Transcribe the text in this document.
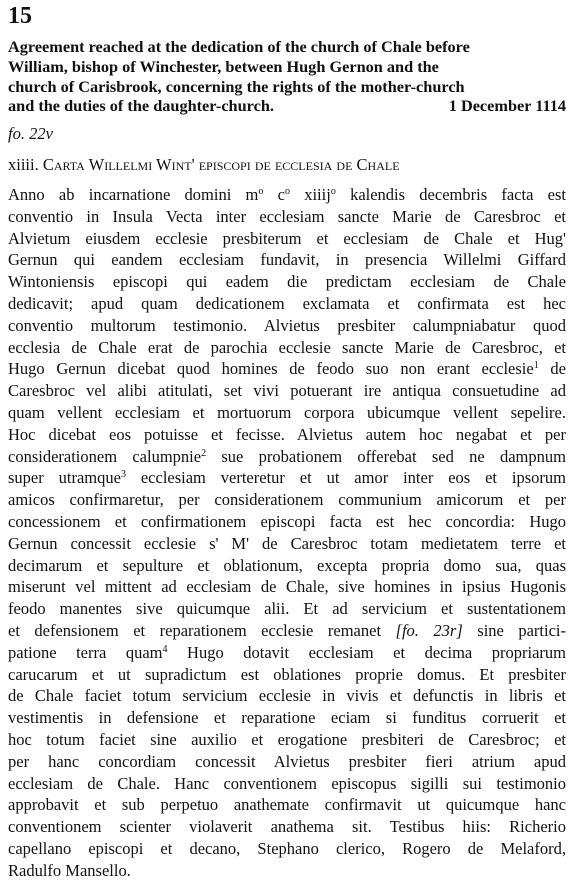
15
Agreement reached at the dedication of the church of Chale before
William, bishop of Winchester, between Hugh Gernon and the
church of Carisbrook, concerning the rights of the mother-church
and the duties of the daughter-church.	1 December 1114
fo. 22v
xiiii. Carta Willelmi Wint' episcopi de ecclesia de Chale
Anno ab incarnatione domini $m^o$ $c^o$ xiiij$^o$ kalendis decembris facta est
conventio in Insula Vecta inter ecclesiam sancte Marie de Caresbroc et
Alvietum eiusdem ecclesie presbiterum et ecclesiam de Chale et Hug'
Gernun qui eandem ecclesiam fundavit, in presencia Willelmi Giffard
Wintoniensis episcopi qui eadem die predictam ecclesiam de Chale
dedicavit; apud quam dedicationem exclamata et confirmata est hec
conventio multorum testimonio. Alvietus presbiter calumpniabatur quod
ecclesia de Chale erat de parochia ecclesie sancte Marie de Caresbroc, et
Hugo Gernun dicebat quod homines de feodo suo non erant ecclesie$^1$ de
Caresbroc vel alibi atitulati, set vivi potuerant ire antiqua consuetudine ad
quam vellent ecclesiam et mortuorum corpora ubicumque vellent sepelire.
Hoc dicebat eos potuisse et fecisse. Alvietus autem hoc negabat et per
considerationem calumpnie$^2$ sue probationem offerebat sed ne dampnum
super utramque$^3$ ecclesiam verteretur et ut amor inter eos et ipsorum
amicos confirmaretur, per considerationem communium amicorum et per
concessionem et confirmationem episcopi facta est hec concordia: Hugo
Gernun concessit ecclesie s' M' de Caresbroc totam medietatem terre et
decimarum et sepulture et oblationum, excepta propria domo sua, quas
miserunt vel mittent ad ecclesiam de Chale, sive homines in ipsius Hugonis
feodo manentes sive quicumque alii. Et ad servicium et sustentationem
et defensionem et reparationem ecclesie remanet [fo. 23r] sine partici-
patione terra quam$^4$ Hugo dotavit ecclesiam et decima propriarum
carucarum et ut supradictum est oblationes proprie domus. Et presbiter
de Chale faciet totum servicium ecclesie in vivis et defunctis in libris et
vestimentis in defensione et reparatione eciam si funditus corruerit et
hoc totum faciet sine auxilio et erogatione presbiteri de Caresbroc; et
per hanc concordiam concessit Alvietus presbiter fieri atrium apud
ecclesiam de Chale. Hanc conventionem episcopus sigilli sui testimonio
approbavit et sub perpetuo anathemate confirmavit ut quicumque hanc
conventionem scienter violaverit anathema sit. Testibus hiis: Richerio
capellano episcopi et decano, Stephano clerico, Rogero de Melaford,
Radulfo Mansello.
